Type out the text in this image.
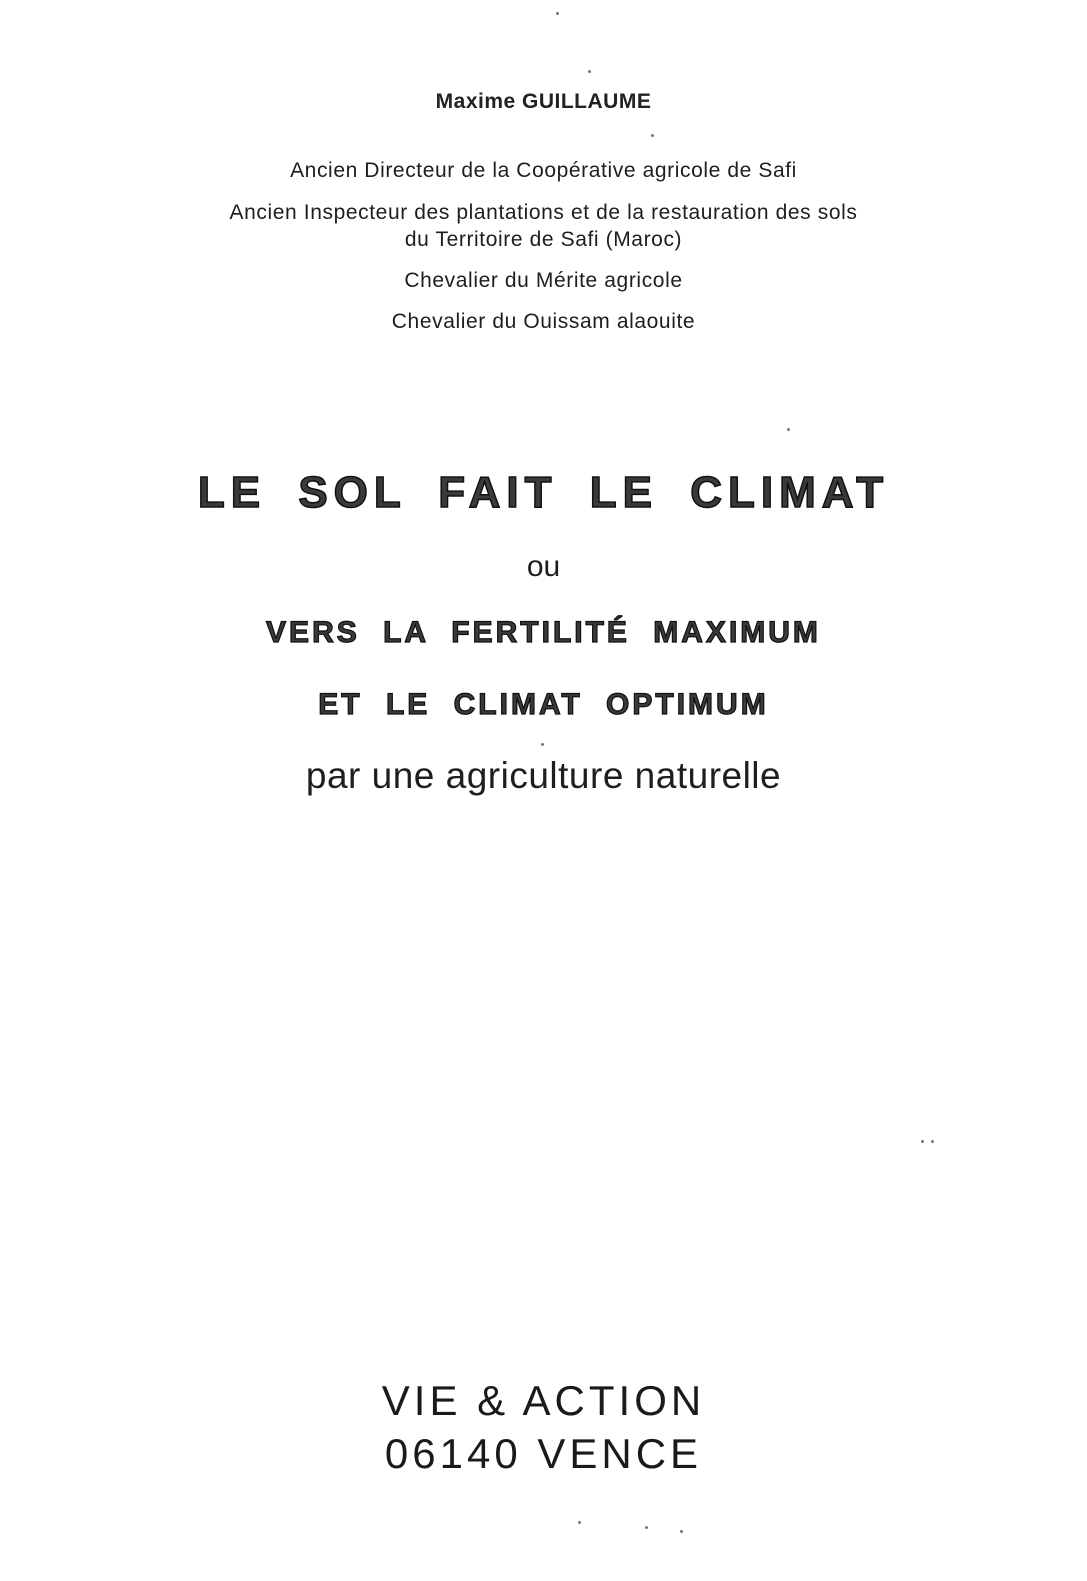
Maxime GUILLAUME
Ancien Directeur de la Coopérative agricole de Safi
Ancien Inspecteur des plantations et de la restauration des sols
du Territoire de Safi (Maroc)
Chevalier du Mérite agricole
Chevalier du Ouissam alaouite
LE SOL FAIT LE CLIMAT
ou
VERS LA FERTILITÉ MAXIMUM
ET LE CLIMAT OPTIMUM
par une agriculture naturelle
VIE & ACTION
06140 VENCE
